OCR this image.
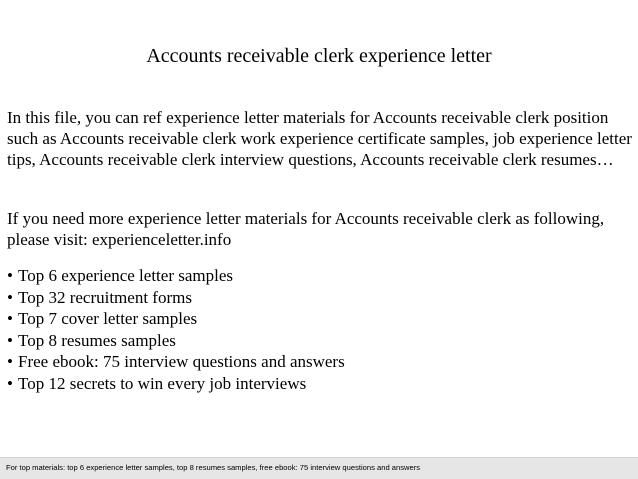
Accounts receivable clerk experience letter

In this file, you can ref experience letter materials for Accounts receivable clerk position such as Accounts receivable clerk work experience certificate samples, job experience letter tips, Accounts receivable clerk interview questions, Accounts receivable clerk resumes…

If you need more experience letter materials for Accounts receivable clerk as following, please visit: experienceletter.info

• Top 6 experience letter samples
• Top 32 recruitment forms
• Top 7 cover letter samples
• Top 8 resumes samples
• Free ebook: 75 interview questions and answers
• Top 12 secrets to win every job interviews
For top materials: top 6 experience letter samples, top 8 resumes samples, free ebook: 75 interview questions and answers
